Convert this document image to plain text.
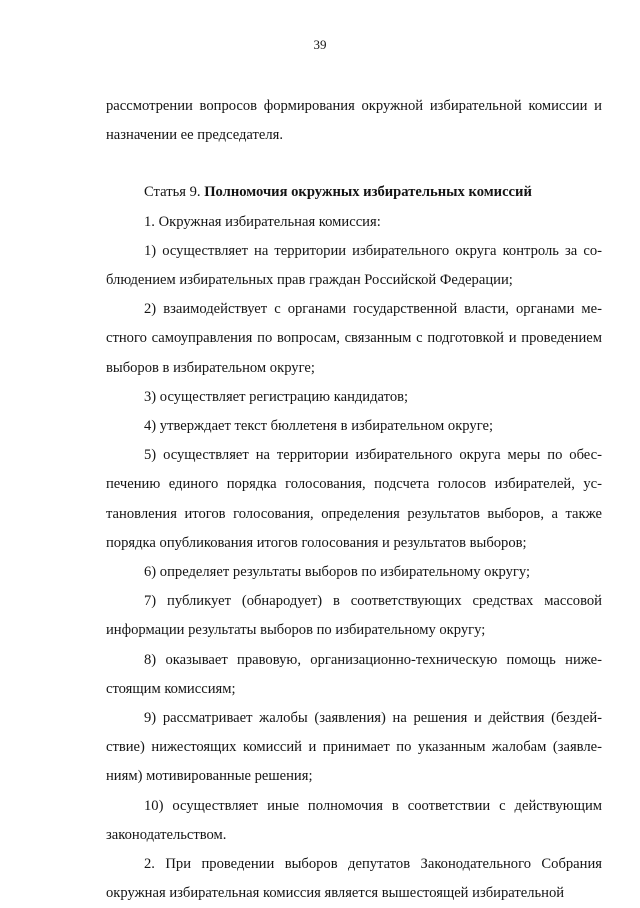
39

рассмотрении вопросов формирования окружной избирательной комиссии и назначении ее председателя.

Статья 9. Полномочия окружных избирательных комиссий

1. Окружная избирательная комиссия:

1) осуществляет на территории избирательного округа контроль за соблюдением избирательных прав граждан Российской Федерации;

2) взаимодействует с органами государственной власти, органами местного самоуправления по вопросам, связанным с подготовкой и проведением выборов в избирательном округе;

3) осуществляет регистрацию кандидатов;

4) утверждает текст бюллетеня в избирательном округе;

5) осуществляет на территории избирательного округа меры по обеспечению единого порядка голосования, подсчета голосов избирателей, установления итогов голосования, определения результатов выборов, а также порядка опубликования итогов голосования и результатов выборов;

6) определяет результаты выборов по избирательному округу;

7) публикует (обнародует) в соответствующих средствах массовой информации результаты выборов по избирательному округу;

8) оказывает правовую, организационно-техническую помощь нижестоящим комиссиям;

9) рассматривает жалобы (заявления) на решения и действия (бездействие) нижестоящих комиссий и принимает по указанным жалобам (заявлениям) мотивированные решения;

10) осуществляет иные полномочия в соответствии с действующим законодательством.

2. При проведении выборов депутатов Законодательного Собрания окружная избирательная комиссия является вышестоящей избирательной
